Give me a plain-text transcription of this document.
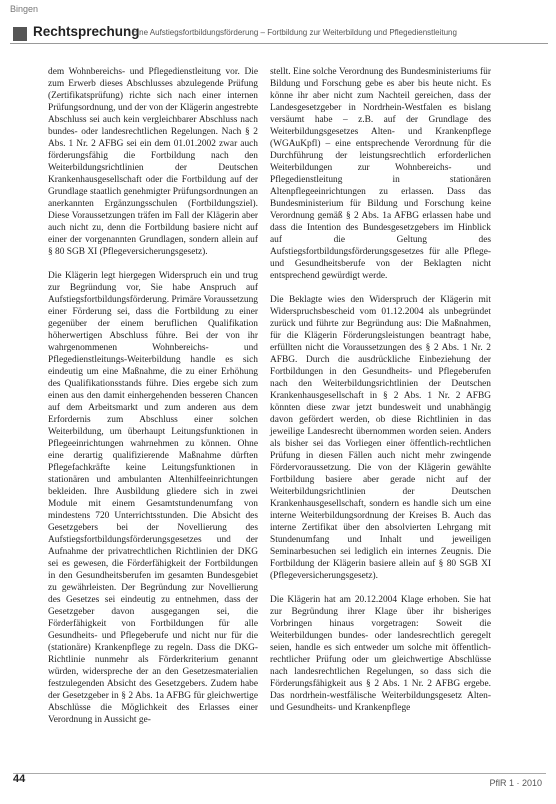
Bingen
Rechtsprechung
Eine Aufstiegsfortbildungsförderung – Fortbildung zur Weiterbildung und Pflegedienstleitung

dem Wohnbereichs- und Pflegedienstleitung vor. Die zum Erwerb dieses Abschlusses abzulegende Prüfung (Zertifikatsprüfung) richte sich nach einer internen Prüfungsordnung, und der von der Klägerin angestrebte Abschluss sei auch kein vergleichbarer Abschluss nach bundes- oder landesrechtlichen Regelungen. Nach § 2 Abs. 1 Nr. 2 AFBG sei ein dem 01.01.2002 zwar auch förderungsfähig die Fortbildung nach den Weiterbildungsrichtlinien der Deutschen Krankenhausgesellschaft oder die Fortbildung auf der Grundlage staatlich genehmigter Prüfungsordnungen an anerkannten Ergänzungsschulen (Fortbildungsziel). Diese Voraussetzungen träfen im Fall der Klägerin aber auch nicht zu, denn die Fortbildung basiere nicht auf einer der vorgenannten Grundlagen, sondern allein auf § 80 SGB XI (Pflegeversicherungsgesetz).

Die Klägerin legt hiergegen Widerspruch ein und trug zur Begründung vor, Sie habe Anspruch auf Aufstiegsfortbildungsförderung. Primäre Voraussetzung einer Förderung sei, dass die Fortbildung zu einer gegenüber der einem beruflichen Qualifikation höherwertigen Abschluss führe. Bei der von ihr wahrgenommenen Wohnbereichs- und Pflegedienstleitungs-Weiterbildung handle es sich eindeutig um eine Maßnahme, die zu einer Erhöhung des Qualifikationsstands führe. Dies ergebe sich zum einen aus den damit einhergehenden besseren Chancen auf dem Arbeitsmarkt und zum anderen aus dem Erfordernis zum Abschluss einer solchen Weiterbildung, um überhaupt Leitungsfunktionen in Pflegeeinrichtungen wahrnehmen zu können. Ohne eine derartig qualifizierende Maßnahme dürften Pflegefachkräfte keine Leitungsfunktionen in stationären und ambulanten Altenhilfeeinrichtungen bekleiden. Ihre Ausbildung gliedere sich in zwei Module mit einem Gesamtstundenumfang von mindestens 720 Unterrichtsstunden. Die Absicht des Gesetzgebers bei der Novellierung des Aufstiegsfortbildungsförderungsgesetzes und der Aufnahme der privatrechtlichen Richtlinien der DKG sei es gewesen, die Förderfähigkeit der Fortbildungen in den Gesundheitsberufen im gesamten Bundesgebiet zu gewährleisten. Der Begründung zur Novellierung des Gesetzes sei eindeutig zu entnehmen, dass der Gesetzgeber davon ausgegangen sei, die Förderfähigkeit von Fortbildungen für alle Gesundheits- und Pflegeberufe und nicht nur für die (stationäre) Krankenpflege zu regeln. Dass die DKG-Richtlinie nunmehr als Förderkriterium genannt würden, widerspreche der an den Gesetzesmaterialien festzulegenden Absicht des Gesetzgebers. Zudem habe der Gesetzgeber in § 2 Abs. 1a AFBG für gleichwertige Abschlüsse die Möglichkeit des Erlasses einer Verordnung in Aussicht ge-

stellt. Eine solche Verordnung des Bundesministeriums für Bildung und Forschung gebe es aber bis heute nicht. Es könne ihr aber nicht zum Nachteil gereichen, dass der Landesgesetzgeber in Nordrhein-Westfalen es bislang versäumt habe – z.B. auf der Grundlage des Weiterbildungsgesetzes Alten- und Krankenpflege (WGAuKpfl) – eine entsprechende Verordnung für die Durchführung der leistungsrechtlich erforderlichen Weiterbildungen zur Wohnbereichs- und Pflegedienstleitung in stationären Altenpflegeeinrichtungen zu erlassen. Dass das Bundesministerium für Bildung und Forschung keine Verordnung gemäß § 2 Abs. 1a AFBG erlassen habe und dass die Intention des Bundesgesetzgebers im Hinblick auf die Geltung des Aufstiegsfortbildungsförderungsgesetzes für alle Pflege- und Gesundheitsberufe von der Beklagten nicht entsprechend gewürdigt werde.

Die Beklagte wies den Widerspruch der Klägerin mit Widerspruchsbescheid vom 01.12.2004 als unbegründet zurück und führte zur Begründung aus: Die Maßnahmen, für die Klägerin Förderungsleistungen beantragt habe, erfüllten nicht die Voraussetzungen des § 2 Abs. 1 Nr. 2 AFBG. Durch die ausdrückliche Einbeziehung der Fortbildungen in den Gesundheits- und Pflegeberufen nach den Weiterbildungsrichtlinien der Deutschen Krankenhausgesellschaft in § 2 Abs. 1 Nr. 2 AFBG könnten diese zwar jetzt bundesweit und unabhängig davon gefördert werden, ob diese Richtlinien in das jeweilige Landesrecht übernommen worden seien. Anders als bisher sei das Vorliegen einer öffentlich-rechtlichen Prüfung in diesen Fällen auch nicht mehr zwingende Fördervoraussetzung. Die von der Klägerin gewählte Fortbildung basiere aber gerade nicht auf der Weiterbildungsrichtlinien der Deutschen Krankenhausgesellschaft, sondern es handle sich um eine interne Weiterbildungsordnung der Kreises B. Auch das interne Zertifikat über den absolvierten Lehrgang mit Stundenumfang und Inhalt und jeweiligen Seminarbesuchen sei lediglich ein internes Zeugnis. Die Fortbildung der Klägerin basiere allein auf § 80 SGB XI (Pflegeversicherungsgesetz).

Die Klägerin hat am 20.12.2004 Klage erhoben. Sie hat zur Begründung ihrer Klage über ihr bisheriges Vorbringen hinaus vorgetragen: Soweit die Weiterbildungen bundes- oder landesrechtlich geregelt seien, handle es sich entweder um solche mit öffentlich-rechtlicher Prüfung oder um gleichwertige Abschlüsse nach landesrechtlichen Regelungen, so dass sich die Förderungsfähigkeit aus § 2 Abs. 1 Nr. 2 AFBG ergebe. Das nordrhein-westfälische Weiterbildungsgesetz Alten- und Gesundheits- und Krankenpflege

44	PflR 1 · 2010
